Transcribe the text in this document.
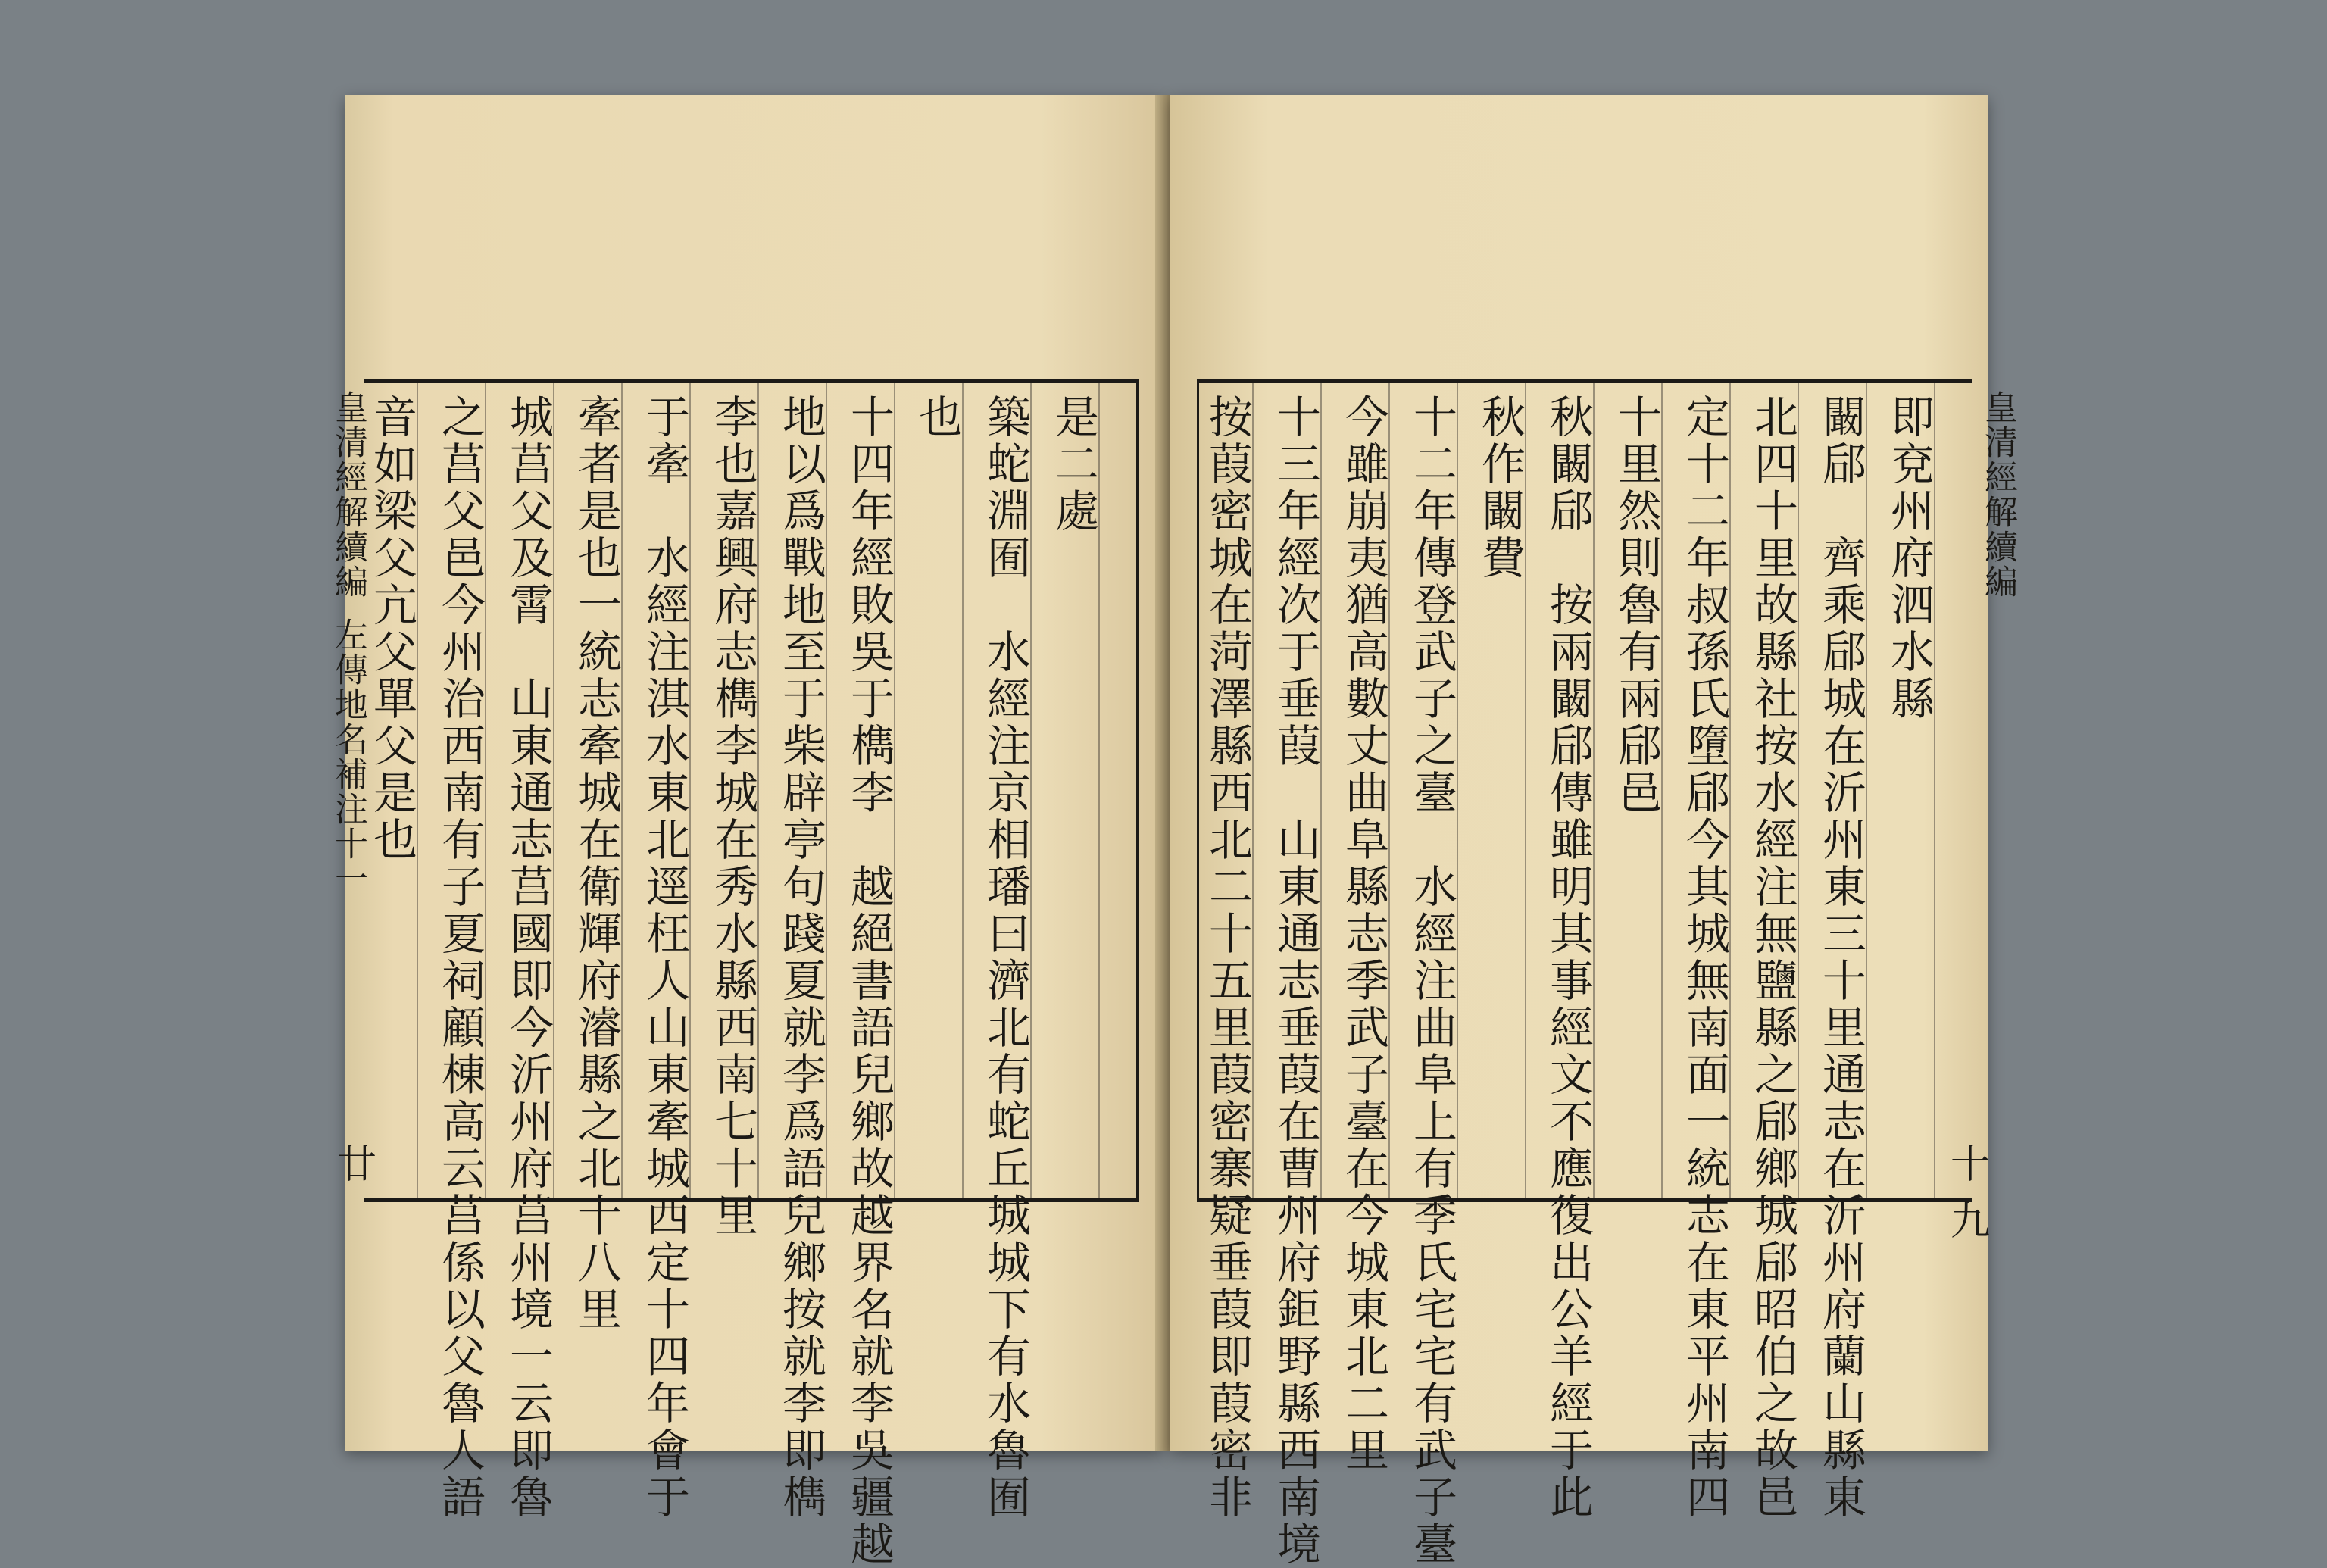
是二處
築蛇淵囿　水經注京相璠曰濟北有蛇丘城城下有水魯囿
也
十四年經敗吳于檇李　越絕書語兒鄉故越界名就李吳疆越
地以爲戰地至于柴辟亭句踐夏就李爲語兒鄉按就李即檇
李也嘉興府志檇李城在秀水縣西南七十里
于牽　水經注淇水東北逕枉人山東牽城西定十四年會于
牽者是也一統志牽城在衛輝府濬縣之北十八里
城莒父及霄　山東通志莒國即今沂州府莒州境一云即魯
之莒父邑今州治西南有子夏祠顧棟高云莒係以父魯人語
音如梁父亢父單父是也
皇清經解續編
左傳地名補注十一
廿
即兗州府泗水縣
闞郈　齊乘郈城在沂州東三十里通志在沂州府蘭山縣東
北四十里故縣社按水經注無鹽縣之郈鄉城郈昭伯之故邑
定十二年叔孫氏墮郈今其城無南面一統志在東平州南四
十里然則魯有兩郈邑
秋闞郈　按兩闞郈傳雖明其事經文不應復出公羊經于此
秋作闞費
十二年傳登武子之臺　水經注曲阜上有季氏宅宅有武子臺
今雖崩夷猶高數丈曲阜縣志季武子臺在今城東北二里
十三年經次于垂葭　山東通志垂葭在曹州府鉅野縣西南境
按葭密城在菏澤縣西北二十五里葭密寨疑垂葭即葭密非	皇清經解續編
十九
